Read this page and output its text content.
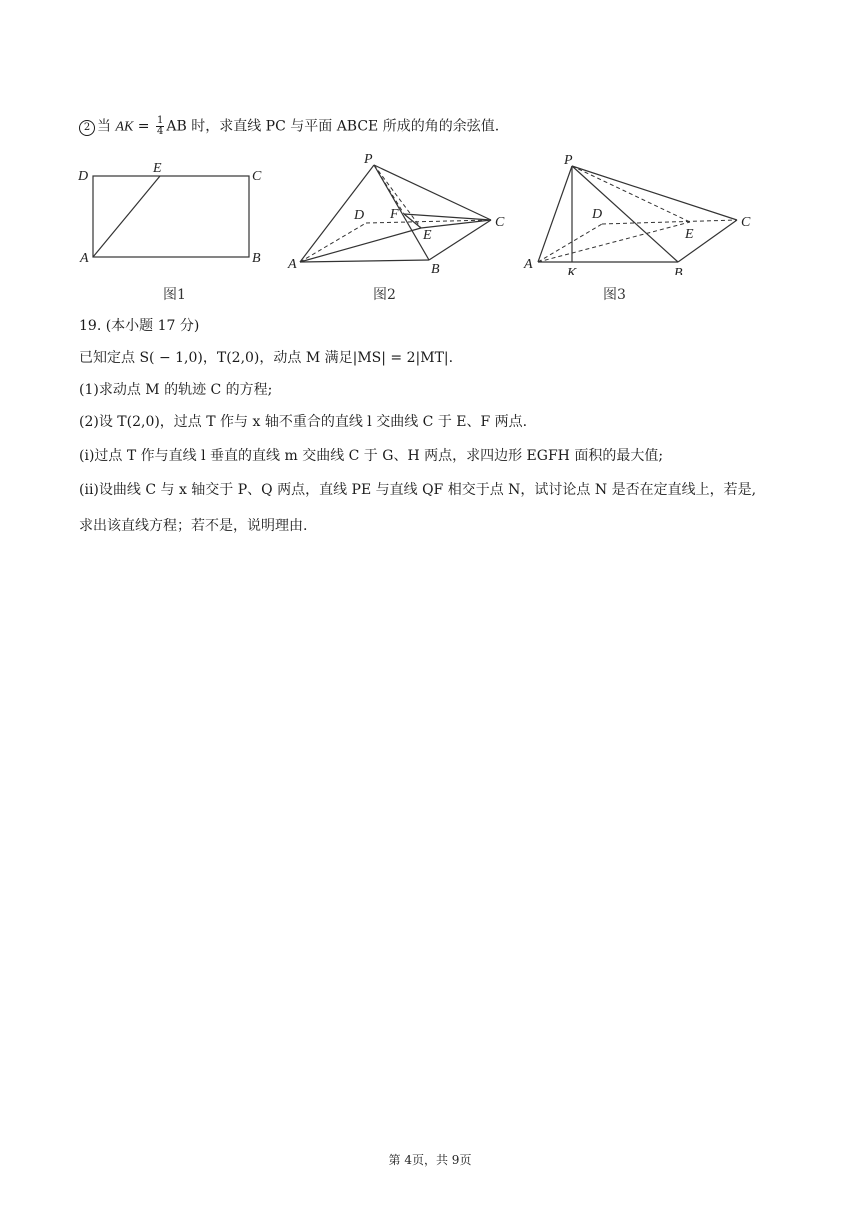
2 当 AK = $\frac{1}{4}$ AB 时，求直线 PC 与平面 ABCE 所成的角的余弦值.
D
E
C
A	B
图1
P
D F
E
C
A	B
图2
P
D
E
C
A
K	B
图3
19. (本小题 17 分)
已知定点 S( − 1,0)，T(2,0)，动点 M 满足|MS| = 2|MT|.
(1)求动点 M 的轨迹 C 的方程;
(2)设 T(2,0)，过点 T 作与 x 轴不重合的直线 l 交曲线 C 于 E、F 两点.
(i)过点 T 作与直线 l 垂直的直线 m 交曲线 C 于 G、H 两点，求四边形 EGFH 面积的最大值;
(ii)设曲线 C 与 x 轴交于 P、Q 两点，直线 PE 与直线 QF 相交于点 N，试讨论点 N 是否在定直线上，若是,
求出该直线方程；若不是，说明理由.
第 4页，共 9页
